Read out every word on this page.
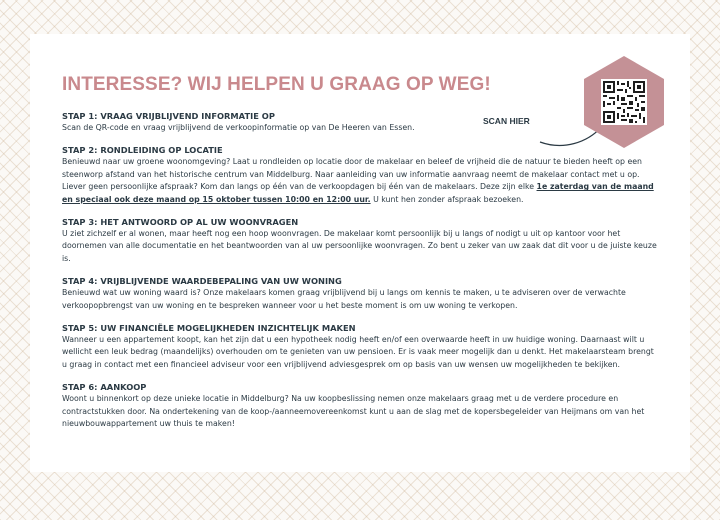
INTERESSE? WIJ HELPEN U GRAAG OP WEG!
SCAN HIER

STAP 1: VRAAG VRIJBLIJVEND INFORMATIE OP

Scan de QR-code en vraag vrijblijvend de verkoopinformatie op van De Heeren van Essen.

STAP 2: RONDLEIDING OP LOCATIE

Benieuwd naar uw groene woonomgeving? Laat u rondleiden op locatie door de makelaar en beleef de vrijheid die de natuur te bieden heeft op een steenworp afstand van het historische centrum van Middelburg. Naar aanleiding van uw informatie aanvraag neemt de makelaar contact met u op. Liever geen persoonlijke afspraak? Kom dan langs op één van de verkoopdagen bij één van de makelaars. Deze zijn elke 1e zaterdag van de maand en speciaal ook deze maand op 15 oktober tussen 10:00 en 12:00 uur. U kunt hen zonder afspraak bezoeken.

STAP 3: HET ANTWOORD OP AL UW WOONVRAGEN

U ziet zichzelf er al wonen, maar heeft nog een hoop woonvragen. De makelaar komt persoonlijk bij u langs of nodigt u uit op kantoor voor het doornemen van alle documentatie en het beantwoorden van al uw persoonlijke woonvragen. Zo bent u zeker van uw zaak dat dit voor u de juiste keuze is.

STAP 4: VRIJBLIJVENDE WAARDEBEPALING VAN UW WONING

Benieuwd wat uw woning waard is? Onze makelaars komen graag vrijblijvend bij u langs om kennis te maken, u te adviseren over de verwachte verkoopopbrengst van uw woning en te bespreken wanneer voor u het beste moment is om uw woning te verkopen.

STAP 5: UW FINANCIËLE MOGELIJKHEDEN INZICHTELIJK MAKEN

Wanneer u een appartement koopt, kan het zijn dat u een hypotheek nodig heeft en/of een overwaarde heeft in uw huidige woning. Daarnaast wilt u wellicht een leuk bedrag (maandelijks) overhouden om te genieten van uw pensioen. Er is vaak meer mogelijk dan u denkt. Het makelaarsteam brengt u graag in contact met een financieel adviseur voor een vrijblijvend adviesgesprek om op basis van uw wensen uw mogelijkheden te bekijken.

STAP 6: AANKOOP

Woont u binnenkort op deze unieke locatie in Middelburg? Na uw koopbeslissing nemen onze makelaars graag met u de verdere procedure en contractstukken door. Na ondertekening van de koop-/aanneemovereenkomst kunt u aan de slag met de kopersbegeleider van Heijmans om van het nieuwbouwappartement uw thuis te maken!
